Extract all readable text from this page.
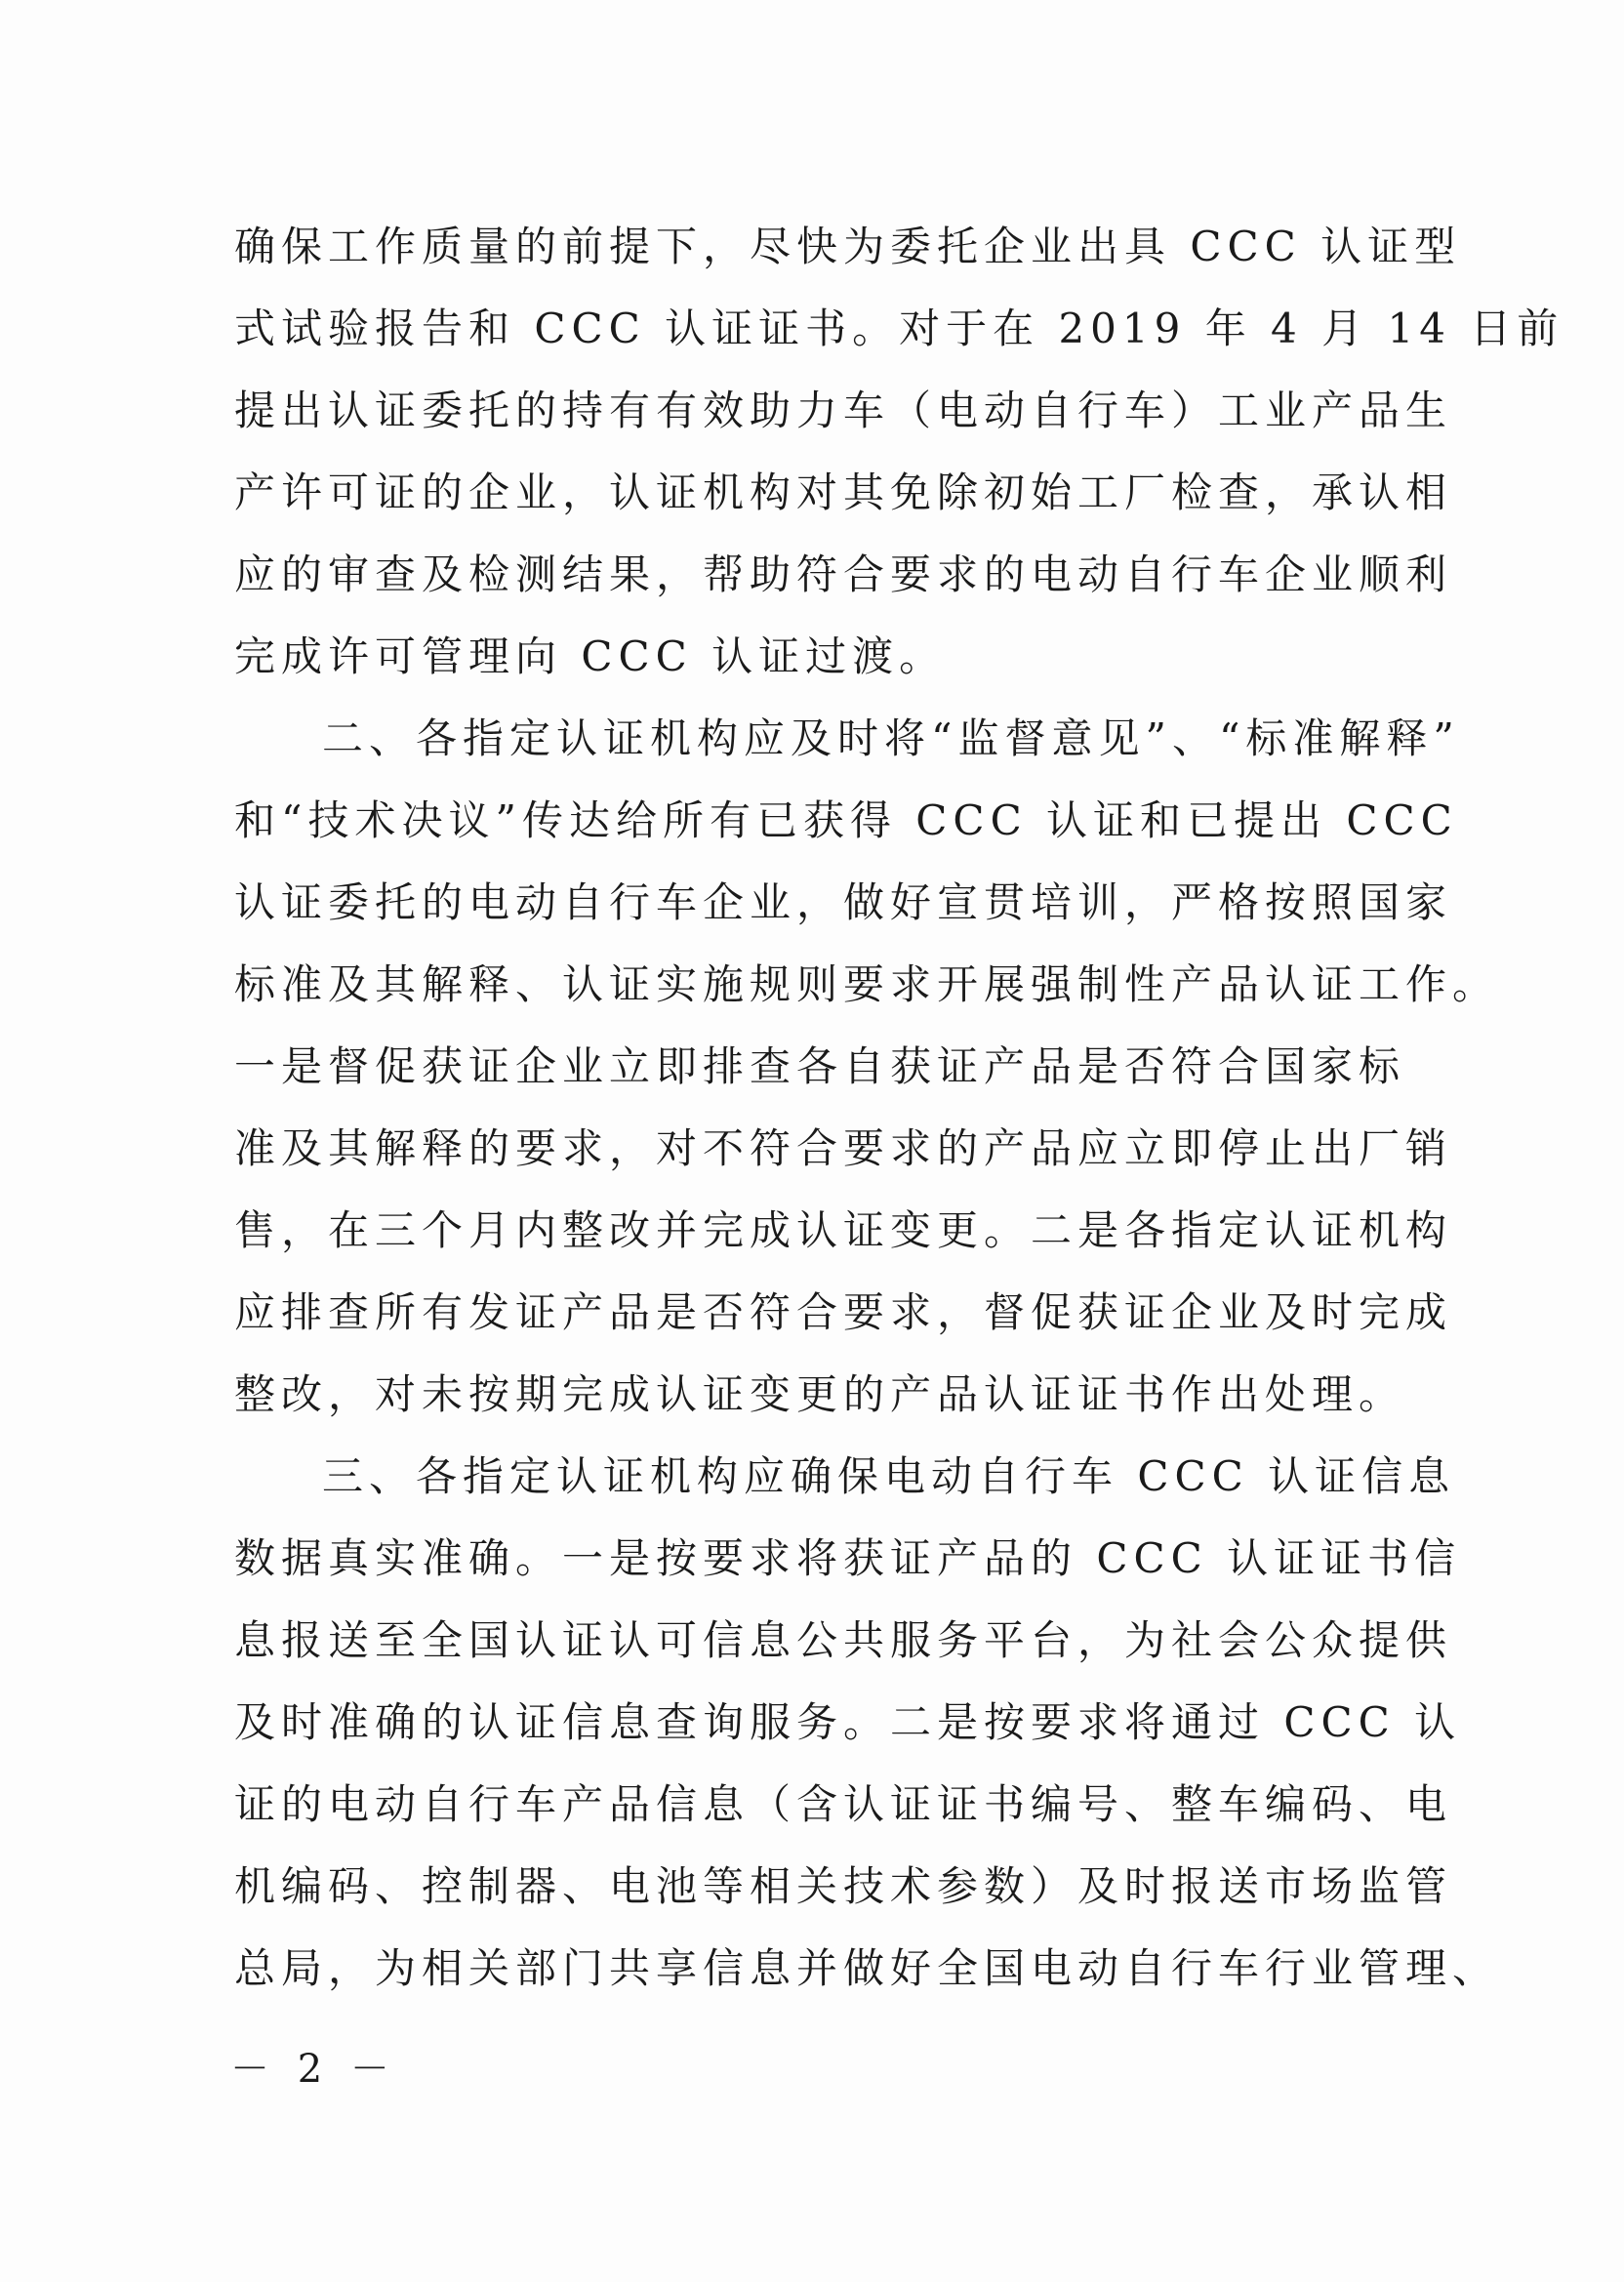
确保工作质量的前提下，尽快为委托企业出具 CCC 认证型
式试验报告和 CCC 认证证书。对于在 2019 年 4 月 14 日前
提出认证委托的持有有效助力车（电动自行车）工业产品生
产许可证的企业，认证机构对其免除初始工厂检查，承认相
应的审查及检测结果，帮助符合要求的电动自行车企业顺利
完成许可管理向 CCC 认证过渡。
二、各指定认证机构应及时将“监督意见”、“标准解释”
和“技术决议”传达给所有已获得 CCC 认证和已提出 CCC
认证委托的电动自行车企业，做好宣贯培训，严格按照国家
标准及其解释、认证实施规则要求开展强制性产品认证工作。
一是督促获证企业立即排查各自获证产品是否符合国家标
准及其解释的要求，对不符合要求的产品应立即停止出厂销
售，在三个月内整改并完成认证变更。二是各指定认证机构
应排查所有发证产品是否符合要求，督促获证企业及时完成
整改，对未按期完成认证变更的产品认证证书作出处理。
三、各指定认证机构应确保电动自行车 CCC 认证信息
数据真实准确。一是按要求将获证产品的 CCC 认证证书信
息报送至全国认证认可信息公共服务平台，为社会公众提供
及时准确的认证信息查询服务。二是按要求将通过 CCC 认
证的电动自行车产品信息（含认证证书编号、整车编码、电
机编码、控制器、电池等相关技术参数）及时报送市场监管
总局，为相关部门共享信息并做好全国电动自行车行业管理、
－ 2 －
